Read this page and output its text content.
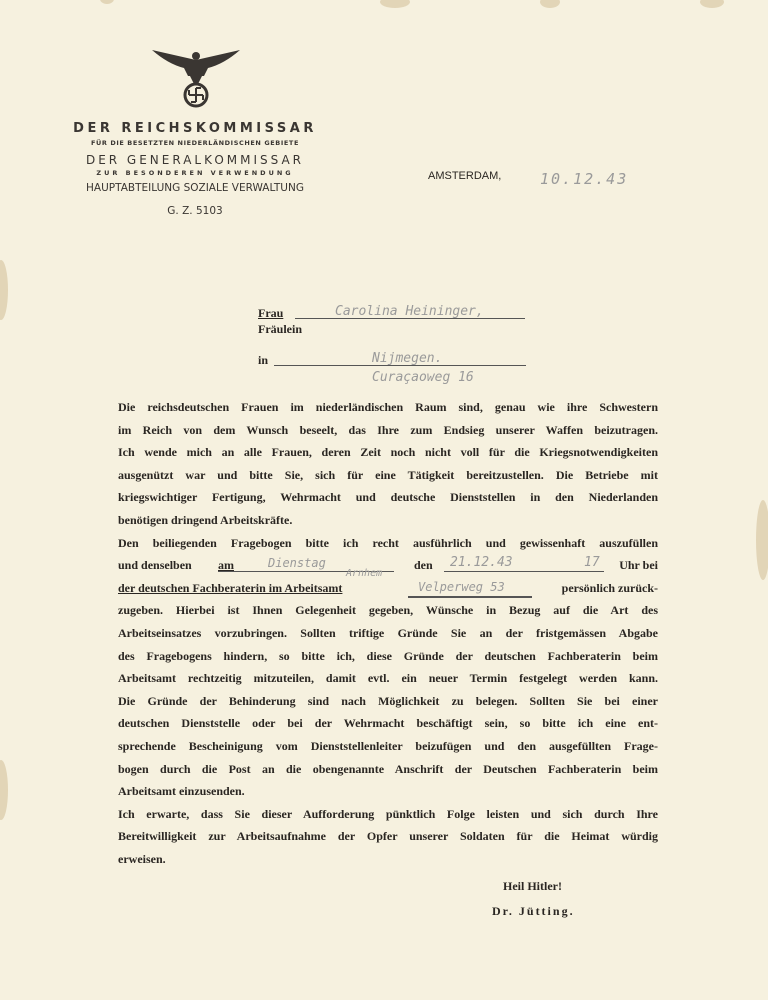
DER REICHSKOMMISSAR
FÜR DIE BESETZTEN NIEDERLÄNDISCHEN GEBIETE
DER GENERALKOMMISSAR
ZUR BESONDEREN VERWENDUNG
HAUPTABTEILUNG SOZIALE VERWALTUNG
G. Z. 5103
AMSTERDAM,	10.12.43
Frau
Fräulein
Carolina Heininger,
in	Nijmegen.
Curaçaoweg 16
Die reichsdeutschen Frauen im niederländischen Raum sind, genau wie ihre Schwestern
im Reich von dem Wunsch beseelt, das Ihre zum Endsieg unserer Waffen beizutragen.
Ich wende mich an alle Frauen, deren Zeit noch nicht voll für die Kriegsnotwendigkeiten
ausgenützt war und bitte Sie, sich für eine Tätigkeit bereitzustellen. Die Betriebe mit
kriegswichtiger Fertigung, Wehrmacht und deutsche Dienststellen in den Niederlanden
benötigen dringend Arbeitskräfte.
Den beiliegenden Fragebogen bitte ich recht ausführlich und gewissenhaft auszufüllen
und denselben am	Dienstag	den 21.12.43	17 Uhr bei
der deutschen Fachberaterin im Arbeitsamt
Arnhem
Velperweg 53	persönlich zurück-
zugeben. Hierbei ist Ihnen Gelegenheit gegeben, Wünsche in Bezug auf die Art des
Arbeitseinsatzes vorzubringen. Sollten triftige Gründe Sie an der fristgemässen Abgabe
des Fragebogens hindern, so bitte ich, diese Gründe der deutschen Fachberaterin beim
Arbeitsamt rechtzeitig mitzuteilen, damit evtl. ein neuer Termin festgelegt werden kann.
Die Gründe der Behinderung sind nach Möglichkeit zu belegen. Sollten Sie bei einer
deutschen Dienststelle oder bei der Wehrmacht beschäftigt sein, so bitte ich eine ent-
sprechende Bescheinigung vom Dienststellenleiter beizufügen und den ausgefüllten Frage-
bogen durch die Post an die obengenannte Anschrift der Deutschen Fachberaterin beim
Arbeitsamt einzusenden.
Ich erwarte, dass Sie dieser Aufforderung pünktlich Folge leisten und sich durch Ihre
Bereitwilligkeit zur Arbeitsaufnahme der Opfer unserer Soldaten für die Heimat würdig
erweisen.
Heil Hitler!
Dr. Jütting.
